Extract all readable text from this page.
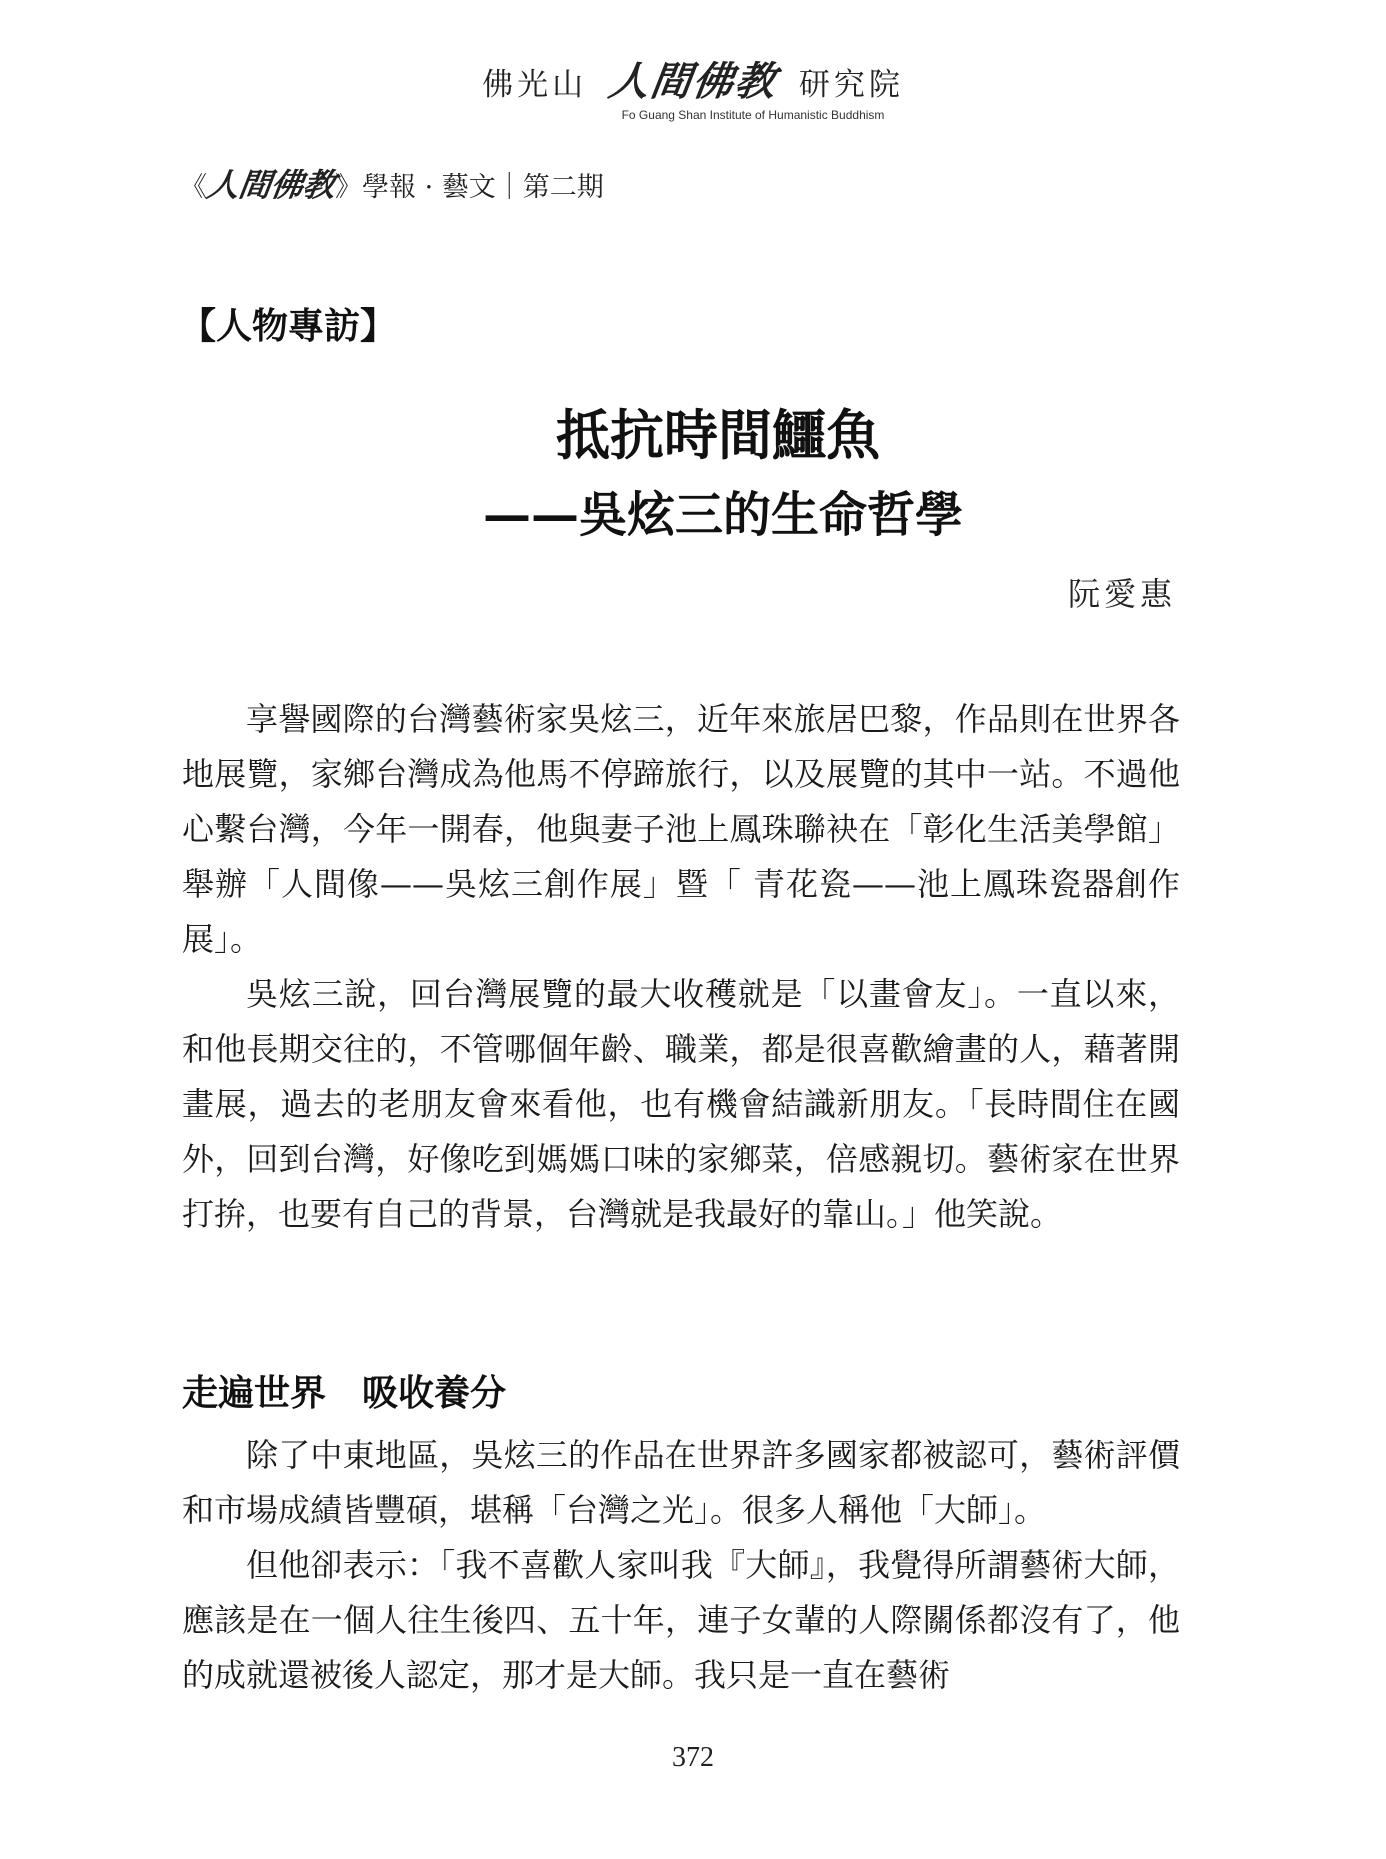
佛光山 人間佛教 研究院
Fo Guang Shan Institute of Humanistic Buddhism
《人間佛教》學報 · 藝文｜第二期
【人物專訪】
抵抗時間鱷魚
——吳炫三的生命哲學
阮愛惠

享譽國際的台灣藝術家吳炫三，近年來旅居巴黎，作品則在世界各地展覽，家鄉台灣成為他馬不停蹄旅行，以及展覽的其中一站。不過他心繫台灣，今年一開春，他與妻子池上鳳珠聯袂在「彰化生活美學館」舉辦「人間像——吳炫三創作展」暨「 青花瓷——池上鳳珠瓷器創作展」。

吳炫三說，回台灣展覽的最大收穫就是「以畫會友」。一直以來，和他長期交往的，不管哪個年齡、職業，都是很喜歡繪畫的人，藉著開畫展，過去的老朋友會來看他，也有機會結識新朋友。「長時間住在國外，回到台灣，好像吃到媽媽口味的家鄉菜，倍感親切。藝術家在世界打拚，也要有自己的背景，台灣就是我最好的靠山。」他笑說。

走遍世界　吸收養分

除了中東地區，吳炫三的作品在世界許多國家都被認可，藝術評價和市場成績皆豐碩，堪稱「台灣之光」。很多人稱他「大師」。

但他卻表示：「我不喜歡人家叫我『大師』，我覺得所謂藝術大師，應該是在一個人往生後四、五十年，連子女輩的人際關係都沒有了，他的成就還被後人認定，那才是大師。我只是一直在藝術

372
